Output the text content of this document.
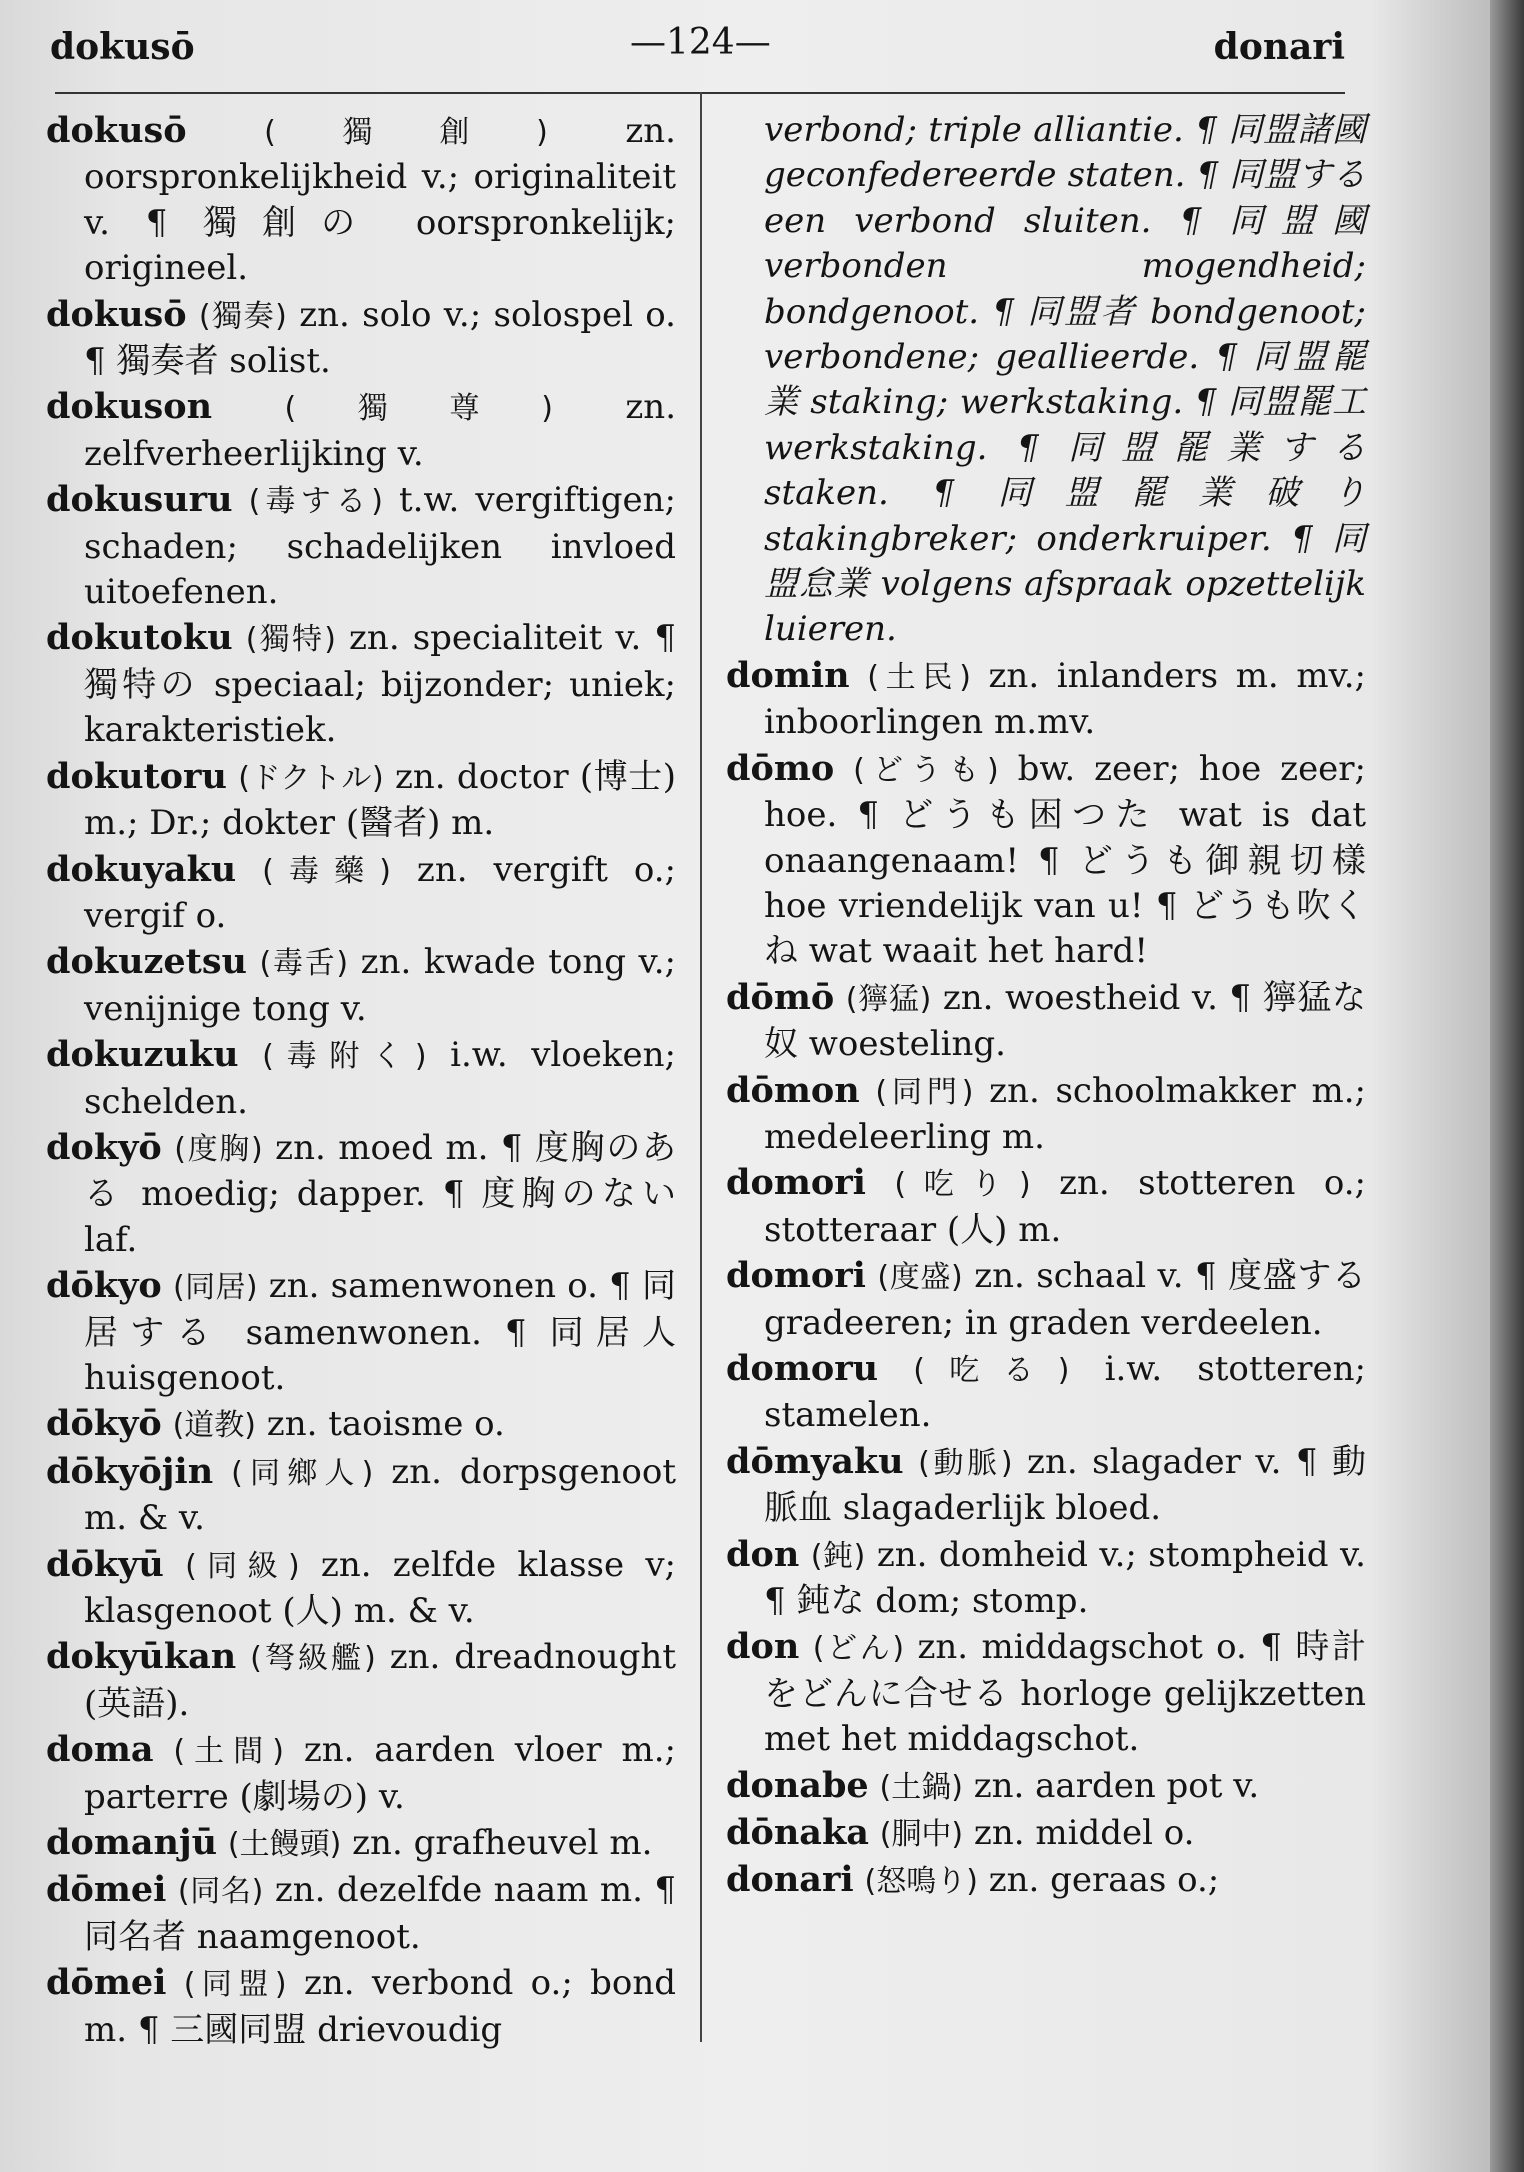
dokusō	—124—	donari

dokusō	(獨創) zn. oorspronkelijkheid v.; originaliteit v. ¶ 獨創の oorspronkelijk; origineel.

dokusō (獨奏) zn. solo v.; solospel o. ¶ 獨奏者 solist.

dokuson (獨尊) zn. zelfverheerlijking v.

dokusuru (毒する) t.w. vergiftigen; schaden; schadelijken invloed uitoefenen.

dokutoku (獨特) zn. specialiteit v. ¶ 獨特の speciaal; bijzonder; uniek; karakteristiek.

dokutoru (ドクトル) zn. doctor (博士) m.; Dr.; dokter (醫者) m.

dokuyaku (毒藥) zn. vergift o.; vergif o.

dokuzetsu (毒舌) zn. kwade tong v.; venijnige tong v.

dokuzuku (毒附く) i.w. vloeken; schelden.

dokyō (度胸) zn. moed m. ¶ 度胸のある moedig; dapper. ¶ 度胸のない laf.

dōkyo (同居) zn. samenwonen o. ¶ 同居する samenwonen. ¶ 同居人 huisgenoot.

dōkyō (道教) zn. taoisme o.

dōkyōjin (同鄉人) zn. dorpsgenoot m. & v.

dōkyū (同級) zn. zelfde klasse v; klasgenoot (人) m. & v.

dokyūkan (弩級艦) zn. dreadnought (英語).

doma (土間) zn. aarden vloer m.; parterre (劇場の) v.

domanjū (土饅頭) zn. grafheuvel m.

dōmei (同名) zn. dezelfde naam m. ¶ 同名者 naamgenoot.

dōmei (同盟) zn. verbond o.; bond m. ¶ 三國同盟 drievoudig

verbond; triple alliantie. ¶ 同盟諸國 geconfedereerde staten. ¶ 同盟する een verbond sluiten. ¶ 同盟國 verbonden mogendheid; bondgenoot. ¶ 同盟者 bondgenoot; verbondene; geallieerde. ¶ 同盟罷業 staking; werkstaking. ¶ 同盟罷工 werkstaking. ¶ 同盟罷業する staken. ¶ 同盟罷業破り stakingbreker; onderkruiper. ¶ 同盟怠業 volgens afspraak opzettelijk luieren.

domin (土民) zn. inlanders m. mv.; inboorlingen m.mv.

dōmo (どうも) bw. zeer; hoe zeer; hoe. ¶ どうも困つた wat is dat onaangenaam! ¶ どうも御親切樣 hoe vriendelijk van u! ¶ どうも吹くね wat waait het hard!

dōmō (獰猛) zn. woestheid v. ¶ 獰猛な奴 woesteling.

dōmon (同門) zn. schoolmakker m.; medeleerling m.

domori (吃り) zn. stotteren o.; stotteraar (人) m.

domori (度盛) zn. schaal v. ¶ 度盛する gradeeren; in graden verdeelen.

domoru (吃る) i.w. stotteren; stamelen.

dōmyaku (動脈) zn. slagader v. ¶ 動脈血 slagaderlijk bloed.

don (鈍) zn. domheid v.; stompheid v. ¶ 鈍な dom; stomp.

don (どん) zn. middagschot o. ¶ 時計をどんに合せる horloge gelijkzetten met het middagschot.

donabe (土鍋) zn. aarden pot v.

dōnaka (胴中) zn. middel o.

donari (怒鳴り) zn. geraas o.;
